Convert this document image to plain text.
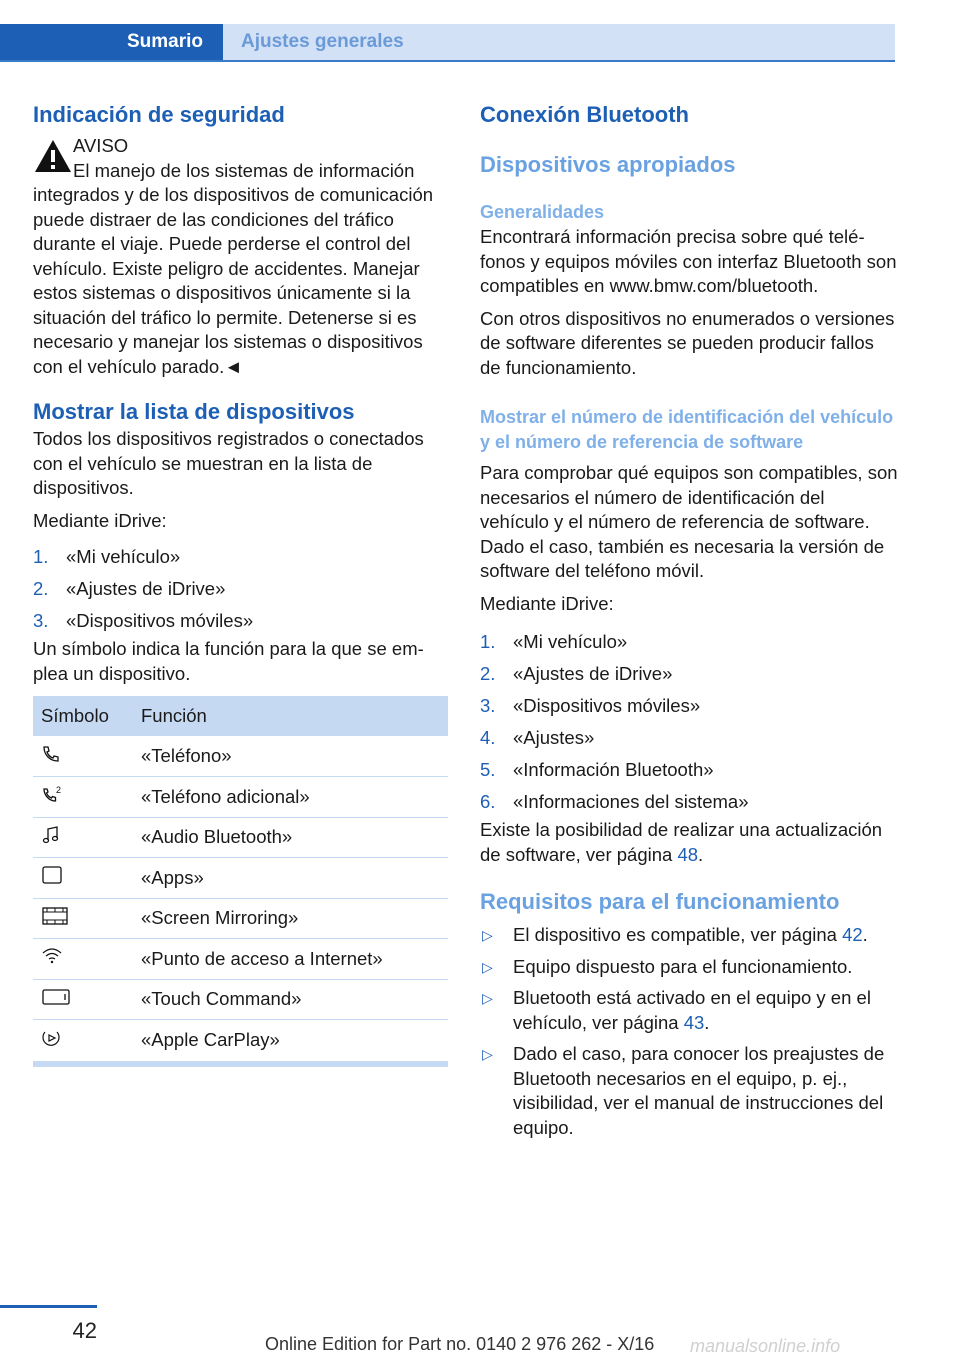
Sumario	Ajustes generales
Indicación de seguridad
AVISO
El manejo de los sistemas de información integrados y de los dispositivos de comunicación puede distraer de las condiciones del tráfico durante el viaje. Puede perderse el control del vehículo. Existe peligro de accidentes. Manejar estos sistemas o dispositivos únicamente si la situación del tráfico lo permite. Detenerse si es necesario y manejar los sistemas o dispositivos con el vehículo parado.◄
Mostrar la lista de dispositivos
Todos los dispositivos registrados o conectados con el vehículo se muestran en la lista de dispositivos.
Mediante iDrive:
1. «Mi vehículo»
2. «Ajustes de iDrive»
3. «Dispositivos móviles»
Un símbolo indica la función para la que se emplea un dispositivo.
Símbolo	Función
	«Teléfono»

2	«Teléfono adicional»
	«Audio Bluetooth»
	«Apps»
	«Screen Mirroring»
	«Punto de acceso a Internet»
	«Touch Command»
	«Apple CarPlay»
Conexión Bluetooth
Dispositivos apropiados
Generalidades
Encontrará información precisa sobre qué teléfonos y equipos móviles con interfaz Bluetooth son compatibles en www.bmw.com/bluetooth.
Con otros dispositivos no enumerados o versiones de software diferentes se pueden producir fallos de funcionamiento.
Mostrar el número de identificación del vehículo y el número de referencia de software
Para comprobar qué equipos son compatibles, son necesarios el número de identificación del vehículo y el número de referencia de software. Dado el caso, también es necesaria la versión de software del teléfono móvil.
Mediante iDrive:
1. «Mi vehículo»
2. «Ajustes de iDrive»
3. «Dispositivos móviles»
4. «Ajustes»
5. «Información Bluetooth»
6. «Informaciones del sistema»
Existe la posibilidad de realizar una actualización de software, ver página 48.
Requisitos para el funcionamiento
▷ El dispositivo es compatible, ver página 42.
▷ Equipo dispuesto para el funcionamiento.
▷ Bluetooth está activado en el equipo y en el vehículo, ver página 43.
▷ Dado el caso, para conocer los preajustes de Bluetooth necesarios en el equipo, p. ej., visibilidad, ver el manual de instrucciones del equipo.
42
Online Edition for Part no. 0140 2 976 262 - X/16 manualsonline.info
